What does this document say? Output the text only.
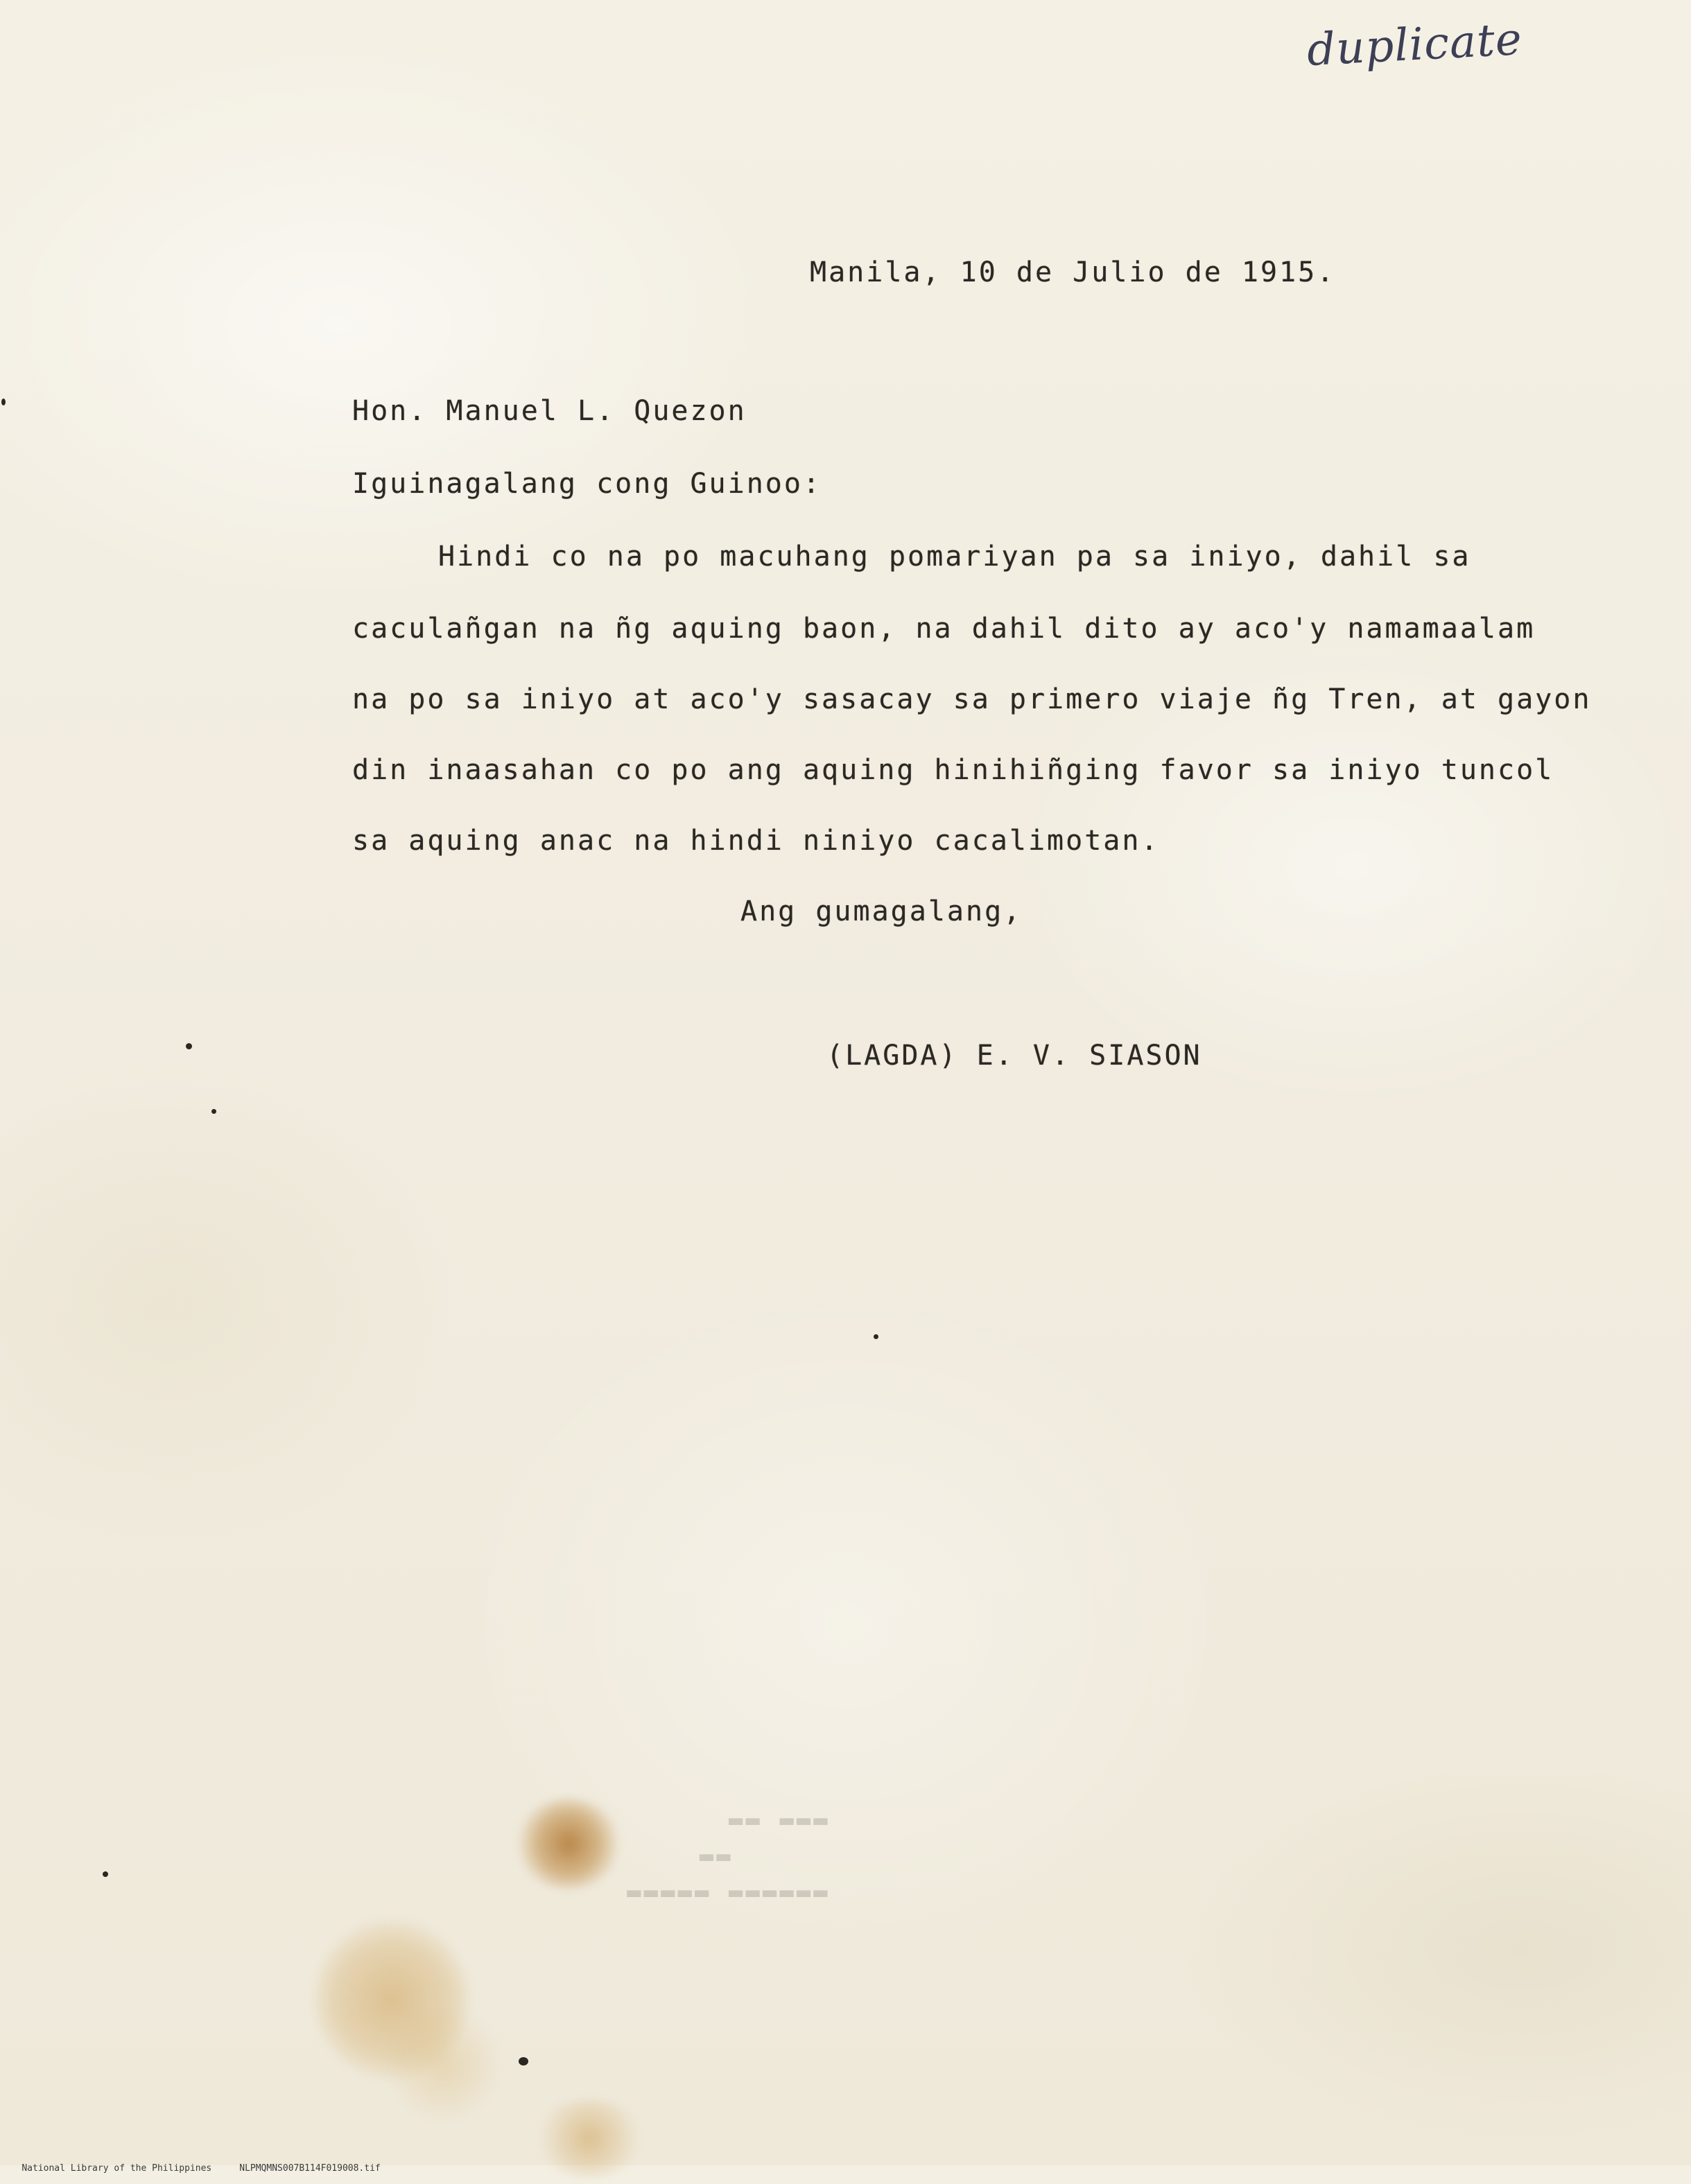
▬▬▬ ▬▬
▬▬
▬▬▬▬▬▬ ▬▬▬▬▬

duplicate

Manila, 10 de Julio de 1915.

Hon. Manuel L. Quezon

Iguinagalang cong Guinoo:

Hindi co na po macuhang pomariyan pa sa iniyo, dahil sa

caculañgan na ñg aquing baon, na dahil dito ay aco'y namamaalam

na po sa iniyo at aco'y sasacay sa primero viaje ñg Tren, at gayon

din inaasahan co po ang aquing hinihiñging favor sa iniyo tuncol

sa aquing anac na hindi niniyo cacalimotan.

Ang gumagalang,

(LAGDA) E. V. SIASON

National Library of the Philippines	NLPMQMNS007B114F019008.tif
